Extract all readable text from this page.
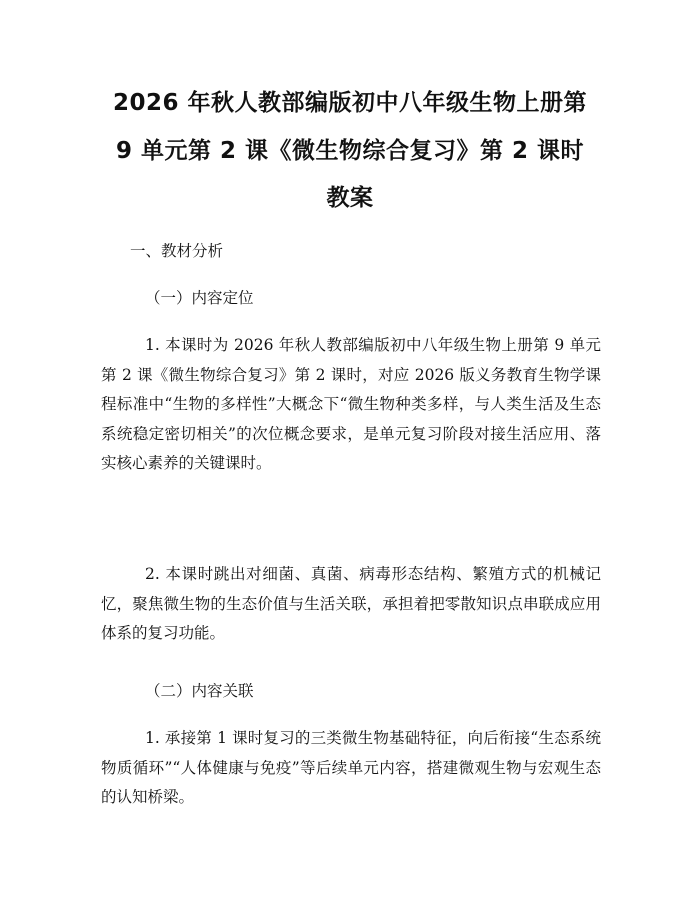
2026 年秋人教部编版初中八年级生物上册第
9 单元第 2 课《微生物综合复习》第 2 课时
教案
一、教材分析
（一）内容定位
1. 本课时为 2026 年秋人教部编版初中八年级生物上册第 9 单元第 2 课《微生物综合复习》第 2 课时，对应 2026 版义务教育生物学课程标准中“生物的多样性”大概念下“微生物种类多样，与人类生活及生态系统稳定密切相关”的次位概念要求，是单元复习阶段对接生活应用、落实核心素养的关键课时。
2. 本课时跳出对细菌、真菌、病毒形态结构、繁殖方式的机械记忆，聚焦微生物的生态价值与生活关联，承担着把零散知识点串联成应用体系的复习功能。
（二）内容关联
1. 承接第 1 课时复习的三类微生物基础特征，向后衔接“生态系统物质循环”“人体健康与免疫”等后续单元内容，搭建微观生物与宏观生态的认知桥梁。
